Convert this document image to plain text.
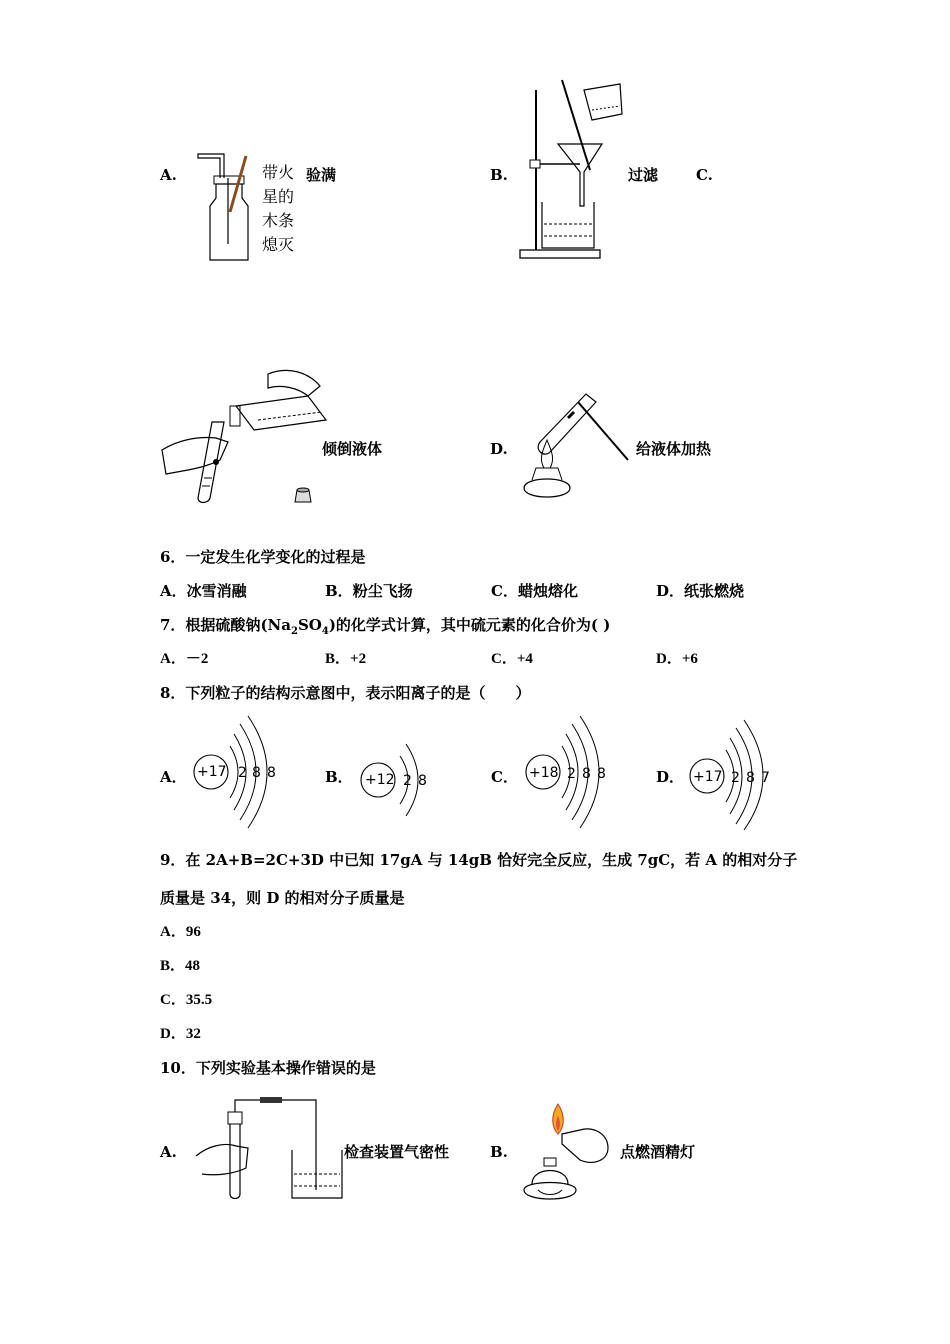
A.	带火
星的
木条
熄灭
验满	B.	过滤	C.
倾倒液体	D.	给液体加热
6．一定发生化学变化的过程是
A．冰雪消融	B．粉尘飞扬	C．蜡烛熔化	D．纸张燃烧
7．根据硫酸钠$(Na_2SO_4)$的化学式计算，其中硫元素的化合价为( )
A．－2	B．+2	C．+4	D．+6
8．下列粒子的结构示意图中，表示阳离子的是（　　）
A． +17 2 8 8	B． +12 2 8	C． +18 2 8 8	D． +17 2 8 7
9．在 2A+B=2C+3D 中已知 17gA 与 14gB 恰好完全反应，生成 7gC，若 A 的相对分子
质量是 34，则 D 的相对分子质量是
A．96
B．48
C．35.5
D．32
10．下列实验基本操作错误的是
A.	检查装置气密性	B.	点燃酒精灯
